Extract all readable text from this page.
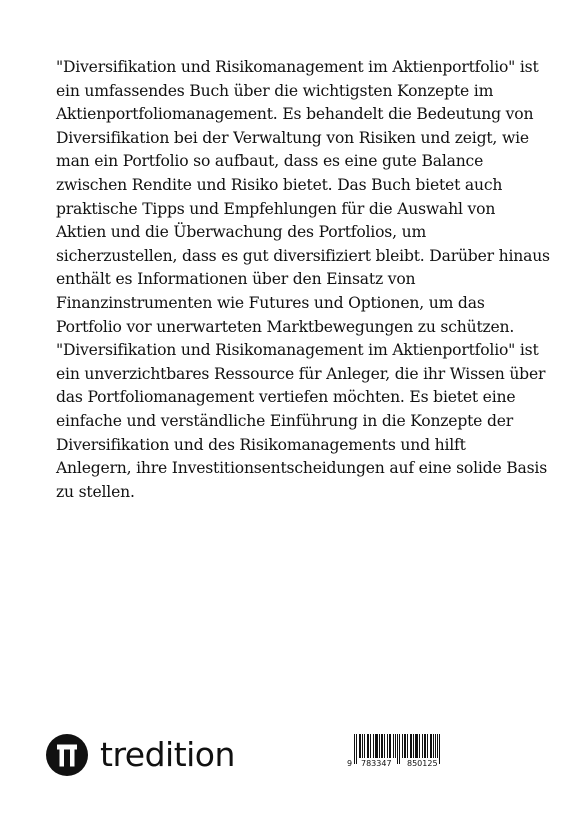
"Diversifikation und Risikomanagement im Aktienportfolio" ist
ein umfassendes Buch über die wichtigsten Konzepte im
Aktienportfoliomanagement. Es behandelt die Bedeutung von
Diversifikation bei der Verwaltung von Risiken und zeigt, wie
man ein Portfolio so aufbaut, dass es eine gute Balance
zwischen Rendite und Risiko bietet. Das Buch bietet auch
praktische Tipps und Empfehlungen für die Auswahl von
Aktien und die Überwachung des Portfolios, um
sicherzustellen, dass es gut diversifiziert bleibt. Darüber hinaus
enthält es Informationen über den Einsatz von
Finanzinstrumenten wie Futures und Optionen, um das
Portfolio vor unerwarteten Marktbewegungen zu schützen.
"Diversifikation und Risikomanagement im Aktienportfolio" ist
ein unverzichtbares Ressource für Anleger, die ihr Wissen über
das Portfoliomanagement vertiefen möchten. Es bietet eine
einfache und verständliche Einführung in die Konzepte der
Diversifikation und des Risikomanagements und hilft
Anlegern, ihre Investitionsentscheidungen auf eine solide Basis
zu stellen.

tredition	9 783347 850125
